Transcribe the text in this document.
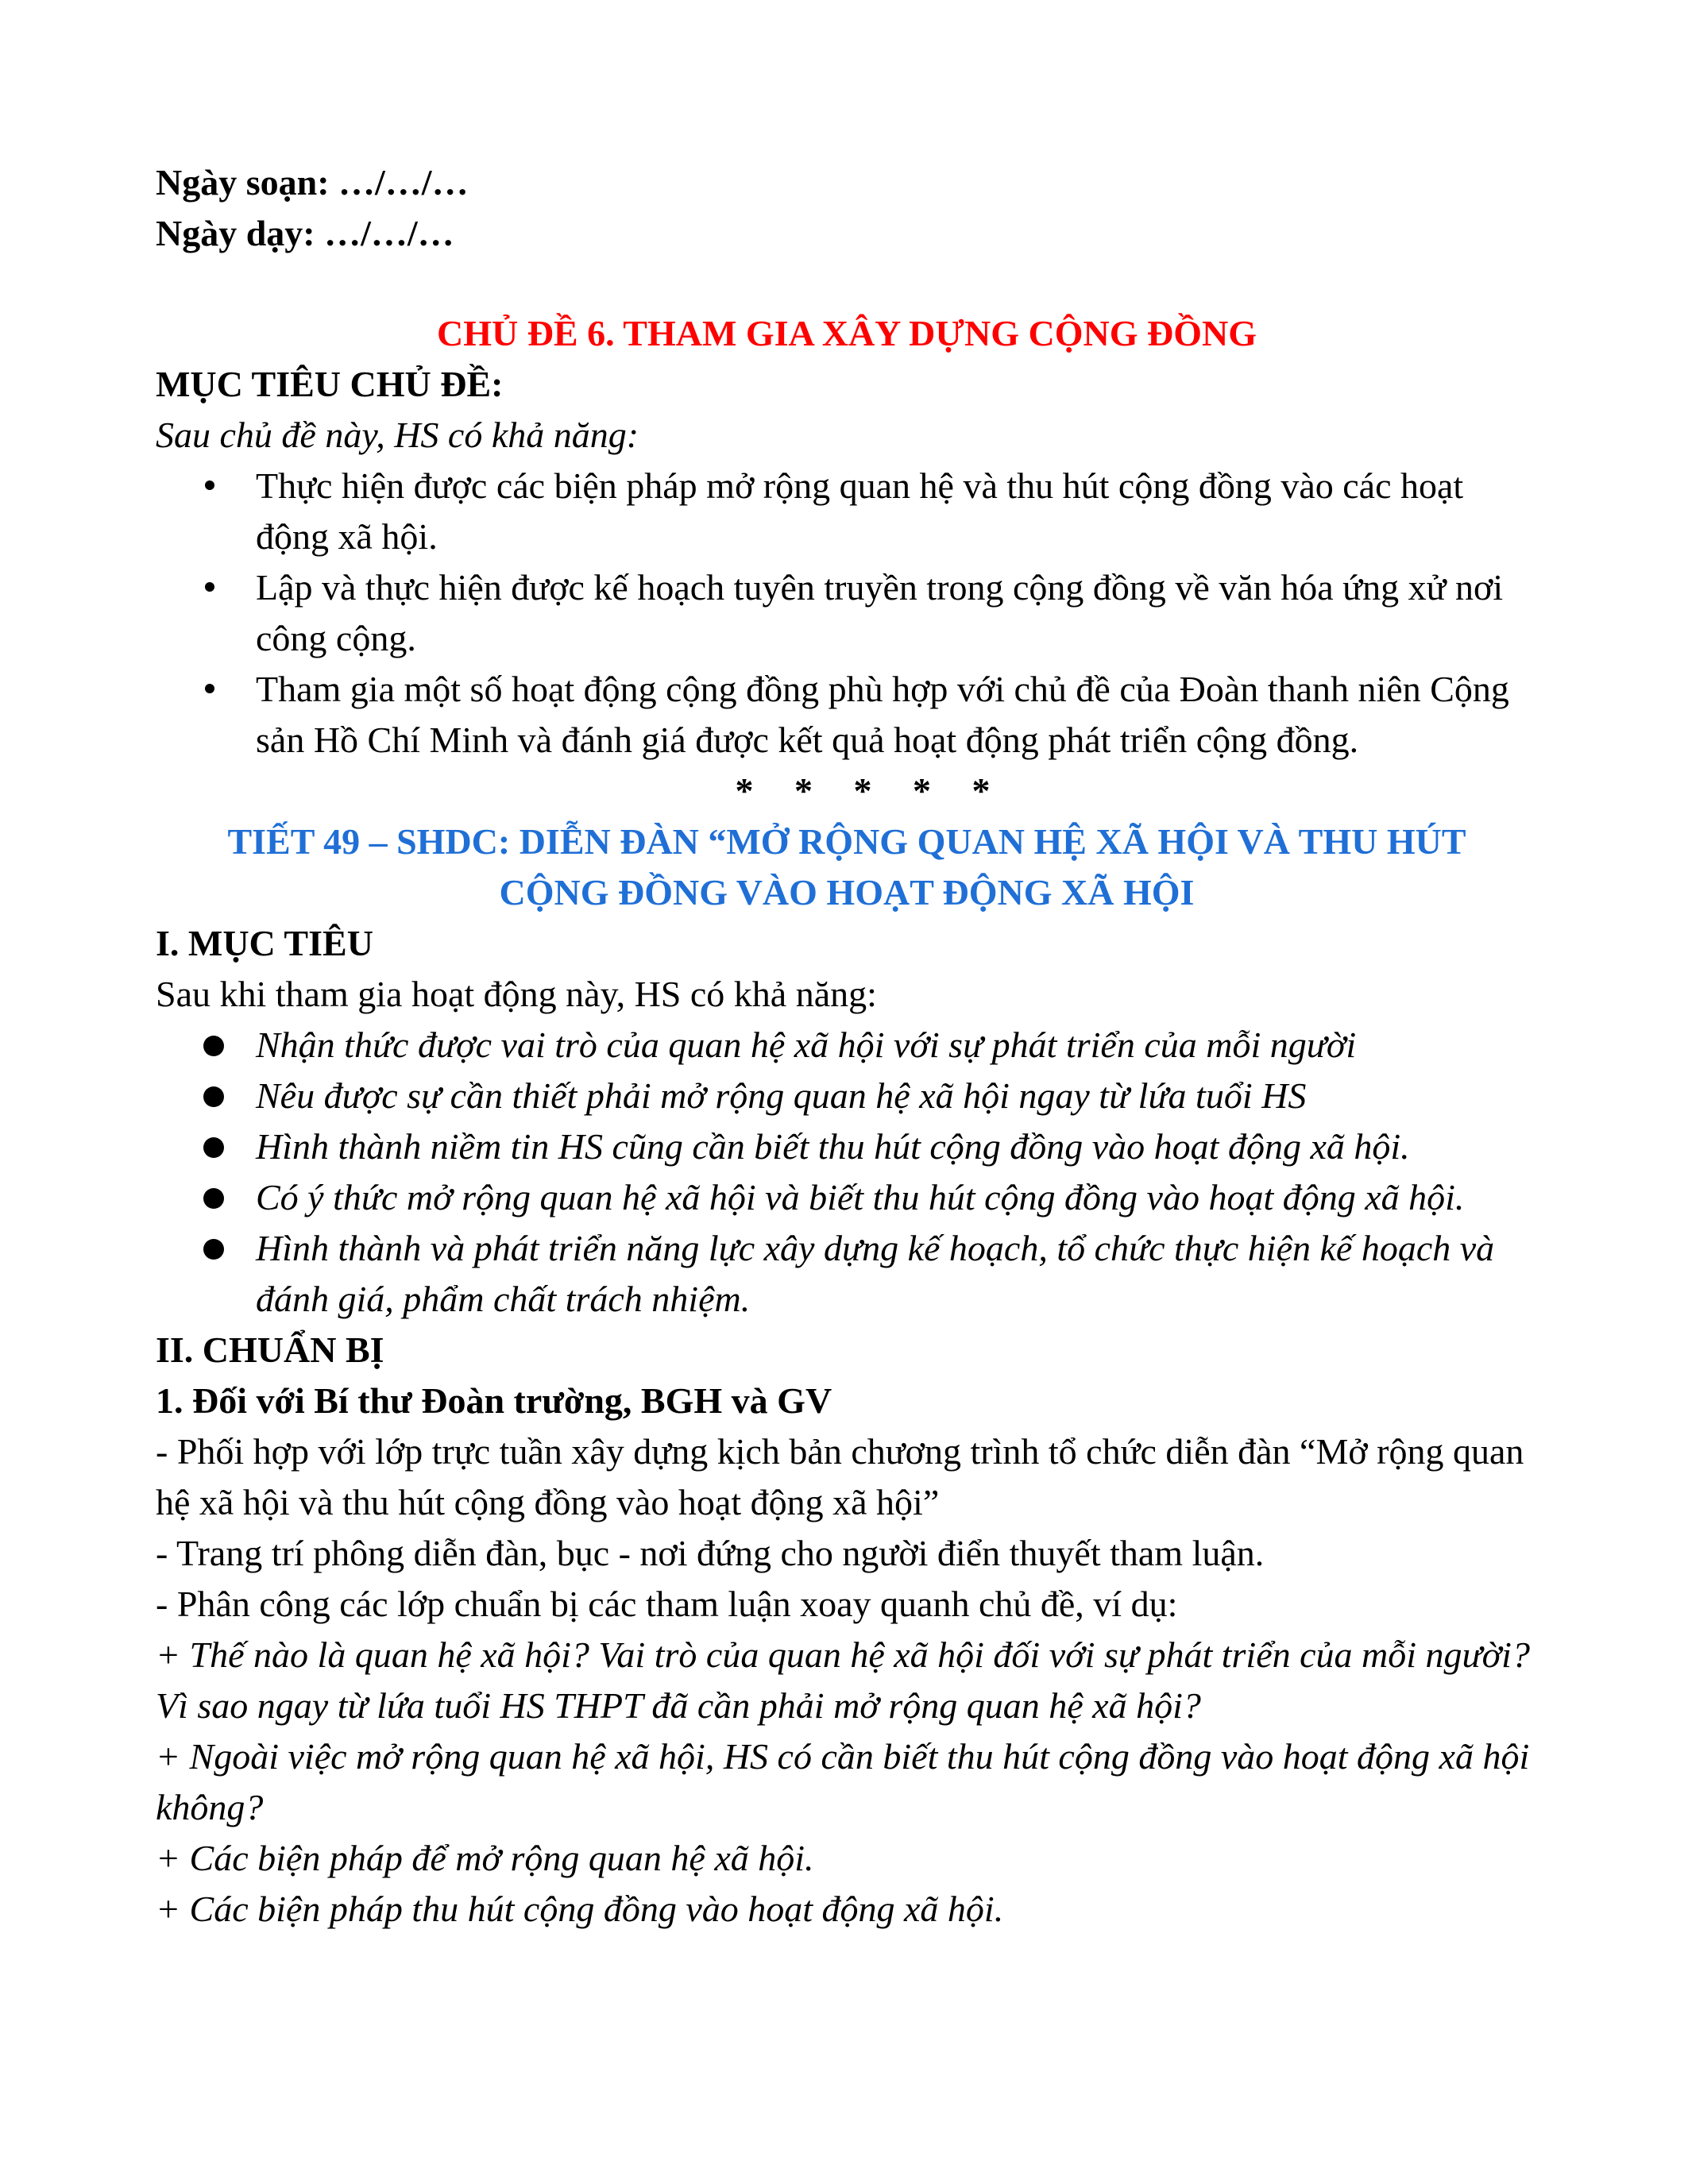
Ngày soạn: …/…/…
Ngày dạy: …/…/…
CHỦ ĐỀ 6. THAM GIA XÂY DỰNG CỘNG ĐỒNG
MỤC TIÊU CHỦ ĐỀ:
Sau chủ đề này, HS có khả năng:
Thực hiện được các biện pháp mở rộng quan hệ và thu hút cộng đồng vào các hoạt động xã hội.
Lập và thực hiện được kế hoạch tuyên truyền trong cộng đồng về văn hóa ứng xử nơi công cộng.
Tham gia một số hoạt động cộng đồng phù hợp với chủ đề của Đoàn thanh niên Cộng sản Hồ Chí Minh và đánh giá được kết quả hoạt động phát triển cộng đồng.
* * * * *
TIẾT 49 – SHDC: DIỄN ĐÀN “MỞ RỘNG QUAN HỆ XÃ HỘI VÀ THU HÚT
CỘNG ĐỒNG VÀO HOẠT ĐỘNG XÃ HỘI
I. MỤC TIÊU
Sau khi tham gia hoạt động này, HS có khả năng:
Nhận thức được vai trò của quan hệ xã hội với sự phát triển của mỗi người
Nêu được sự cần thiết phải mở rộng quan hệ xã hội ngay từ lứa tuổi HS
Hình thành niềm tin HS cũng cần biết thu hút cộng đồng vào hoạt động xã hội.
Có ý thức mở rộng quan hệ xã hội và biết thu hút cộng đồng vào hoạt động xã hội.
Hình thành và phát triển năng lực xây dựng kế hoạch, tổ chức thực hiện kế hoạch và đánh giá, phẩm chất trách nhiệm.
II. CHUẨN BỊ
1. Đối với Bí thư Đoàn trường, BGH và GV
- Phối hợp với lớp trực tuần xây dựng kịch bản chương trình tổ chức diễn đàn “Mở rộng quan hệ xã hội và thu hút cộng đồng vào hoạt động xã hội”
- Trang trí phông diễn đàn, bục - nơi đứng cho người điển thuyết tham luận.
- Phân công các lớp chuẩn bị các tham luận xoay quanh chủ đề, ví dụ:
+ Thế nào là quan hệ xã hội? Vai trò của quan hệ xã hội đối với sự phát triển của mỗi người?Vì sao ngay từ lứa tuổi HS THPT đã cần phải mở rộng quan hệ xã hội?
+ Ngoài việc mở rộng quan hệ xã hội, HS có cần biết thu hút cộng đồng vào hoạt động xã hội không?
+ Các biện pháp để mở rộng quan hệ xã hội.
+ Các biện pháp thu hút cộng đồng vào hoạt động xã hội.
